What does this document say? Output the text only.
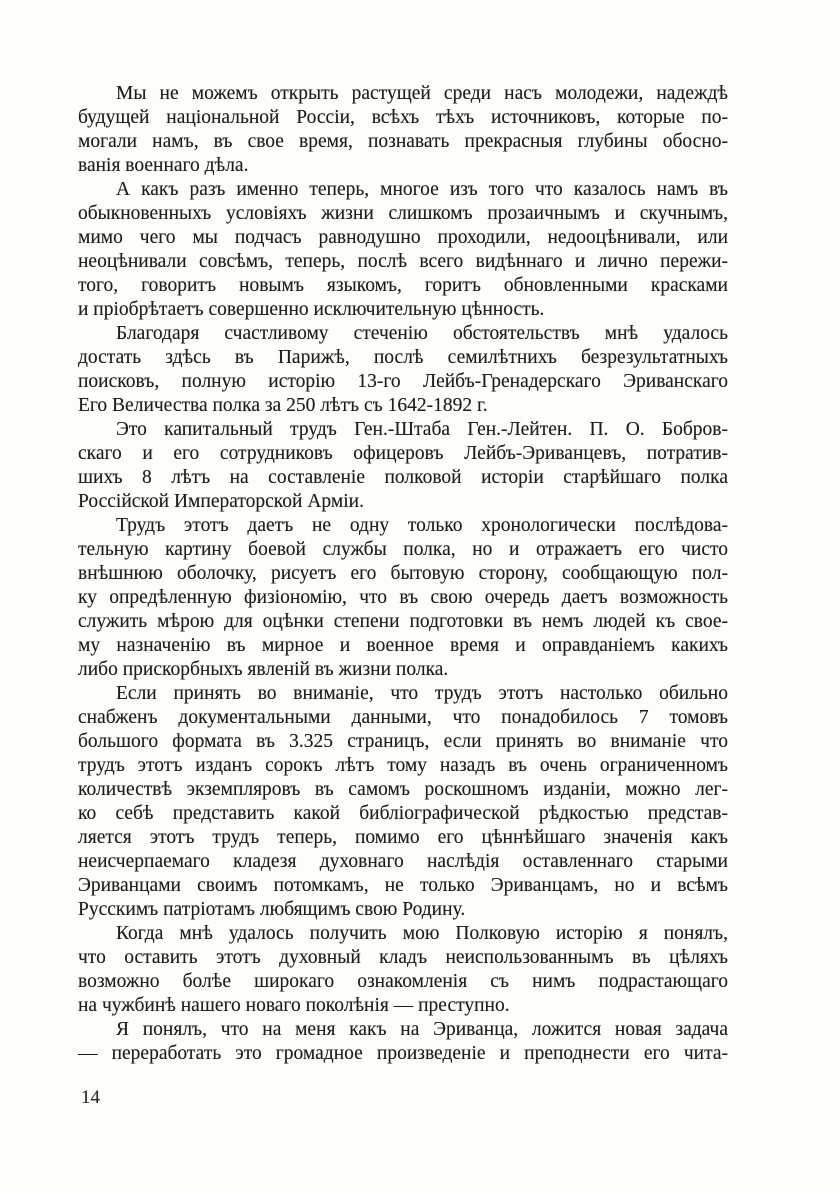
Мы не можемъ открыть растущей среди насъ молодежи, надеждѣ
будущей національной Россіи, всѣхъ тѣхъ источниковъ, которые по-
могали намъ, въ свое время, познавать прекрасныя глубины обосно-
ванія военнаго дѣла.

А какъ разъ именно теперь, многое изъ того что казалось намъ въ
обыкновенныхъ условіяхъ жизни слишкомъ прозаичнымъ и скучнымъ,
мимо чего мы подчасъ равнодушно проходили, недооцѣнивали, или
неоцѣнивали совсѣмъ, теперь, послѣ всего видѣннаго и лично пережи-
того, говоритъ новымъ языкомъ, горитъ обновленными красками
и пріобрѣтаетъ совершенно исключительную цѣнность.

Благодаря счастливому стеченію обстоятельствъ мнѣ удалось
достать здѣсь въ Парижѣ, послѣ семилѣтнихъ безрезультатныхъ
поисковъ, полную исторію 13-го Лейбъ-Гренадерскаго Эриванскаго
Его Величества полка за 250 лѣтъ съ 1642-1892 г.

Это капитальный трудъ Ген.-Штаба Ген.-Лейтен. П. О. Бобров-
скаго и его сотрудниковъ офицеровъ Лейбъ-Эриванцевъ, потратив-
шихъ 8 лѣтъ на составленіе полковой исторіи старѣйшаго полка
Россійской Императорской Арміи.

Трудъ этотъ даетъ не одну только хронологически послѣдова-
тельную картину боевой службы полка, но и отражаетъ его чисто
внѣшнюю оболочку, рисуетъ его бытовую сторону, сообщающую пол-
ку опредѣленную физіономію, что въ свою очередь даетъ возможность
служить мѣрою для оцѣнки степени подготовки въ немъ людей къ свое-
му назначенію въ мирное и военное время и оправданіемъ какихъ
либо прискорбныхъ явленій въ жизни полка.

Если принять во вниманіе, что трудъ этотъ настолько обильно
снабженъ документальными данными, что понадобилось 7 томовъ
большого формата въ 3.325 страницъ, если принять во вниманіе что
трудъ этотъ изданъ сорокъ лѣтъ тому назадъ въ очень ограниченномъ
количествѣ экземпляровъ въ самомъ роскошномъ изданіи, можно лег-
ко себѣ представить какой библіографической рѣдкостью представ-
ляется этотъ трудъ теперь, помимо его цѣннѣйшаго значенія какъ
неисчерпаемаго кладезя духовнаго наслѣдія оставленнаго старыми
Эриванцами своимъ потомкамъ, не только Эриванцамъ, но и всѣмъ
Русскимъ патріотамъ любящимъ свою Родину.

Когда мнѣ удалось получить мою Полковую исторію я понялъ,
что оставить этотъ духовный кладъ неиспользованнымъ въ цѣляхъ
возможно болѣе широкаго ознакомленія съ нимъ подрастающаго
на чужбинѣ нашего новаго поколѣнія — преступно.

Я понялъ, что на меня какъ на Эриванца, ложится новая задача
— переработать это громадное произведеніе и преподнести его чита-

14
